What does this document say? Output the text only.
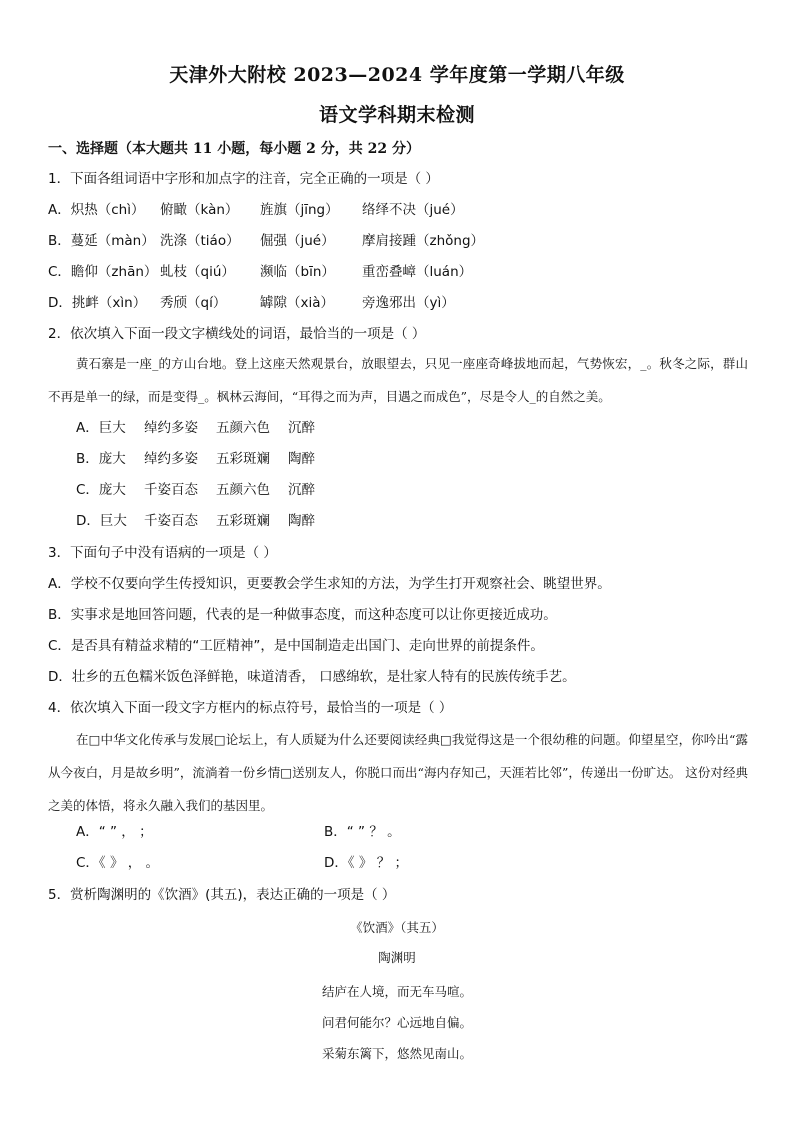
天津外大附校 2023—2024 学年度第一学期八年级
语文学科期末检测
一、选择题（本大题共 11 小题，每小题 2 分，共 22 分）
1．下面各组词语中字形和加点字的注音，完全正确的一项是（ ）
A．炽热（chì） 俯瞰（kàn） 旌旗（jīng） 络绎不决（jué）
B．蔓延（màn） 洗涤（tiáo） 倔强（jué） 摩肩接踵（zhǒng）
C．瞻仰（zhān） 虬枝（qiú） 濒临（bīn） 重峦叠嶂（luán）
D．挑衅（xìn） 秀颀（qí） 罅隙（xià） 旁逸邪出（yì）
2．依次填入下面一段文字横线处的词语，最恰当的一项是（ ）

黄石寨是一座_的方山台地。登上这座天然观景台，放眼望去，只见一座座奇峰拔地而起，气势恢宏，_。秋冬之际，群山不再是单一的绿，而是变得_。枫林云海间，“耳得之而为声，目遇之而成色”，尽是令人_的自然之美。

A．巨大 绰约多姿 五颜六色 沉醉
B．庞大 绰约多姿 五彩斑斓 陶醉
C．庞大 千姿百态 五颜六色 沉醉
D．巨大 千姿百态 五彩斑斓 陶醉
3．下面句子中没有语病的一项是（ ）
A．学校不仅要向学生传授知识，更要教会学生求知的方法，为学生打开观察社会、眺望世界。
B．实事求是地回答问题，代表的是一种做事态度，而这种态度可以让你更接近成功。
C．是否具有精益求精的“工匠精神”，是中国制造走出国门、走向世界的前提条件。
D．壮乡的五色糯米饭色泽鲜艳，味道清香， 口感绵软，是壮家人特有的民族传统手艺。
4．依次填入下面一段文字方框内的标点符号，最恰当的一项是（ ）

在□中华文化传承与发展□论坛上，有人质疑为什么还要阅读经典□我觉得这是一个很幼稚的问题。仰望星空，你吟出“露从今夜白，月是故乡明”，流淌着一份乡情□送别友人，你脱口而出“海内存知己，天涯若比邻”，传递出一份旷达。 这份对经典之美的体悟，将永久融入我们的基因里。

A．“ ” ， ；	B．“ ” ？ 。
C．《 》 ， 。	D．《 》 ？ ；
5．赏析陶渊明的《饮酒》(其五)，表达正确的一项是（ ）
《饮酒》（其五）
陶渊明
结庐在人境，而无车马喧。
问君何能尔？心远地自偏。
采菊东篱下，悠然见南山。
